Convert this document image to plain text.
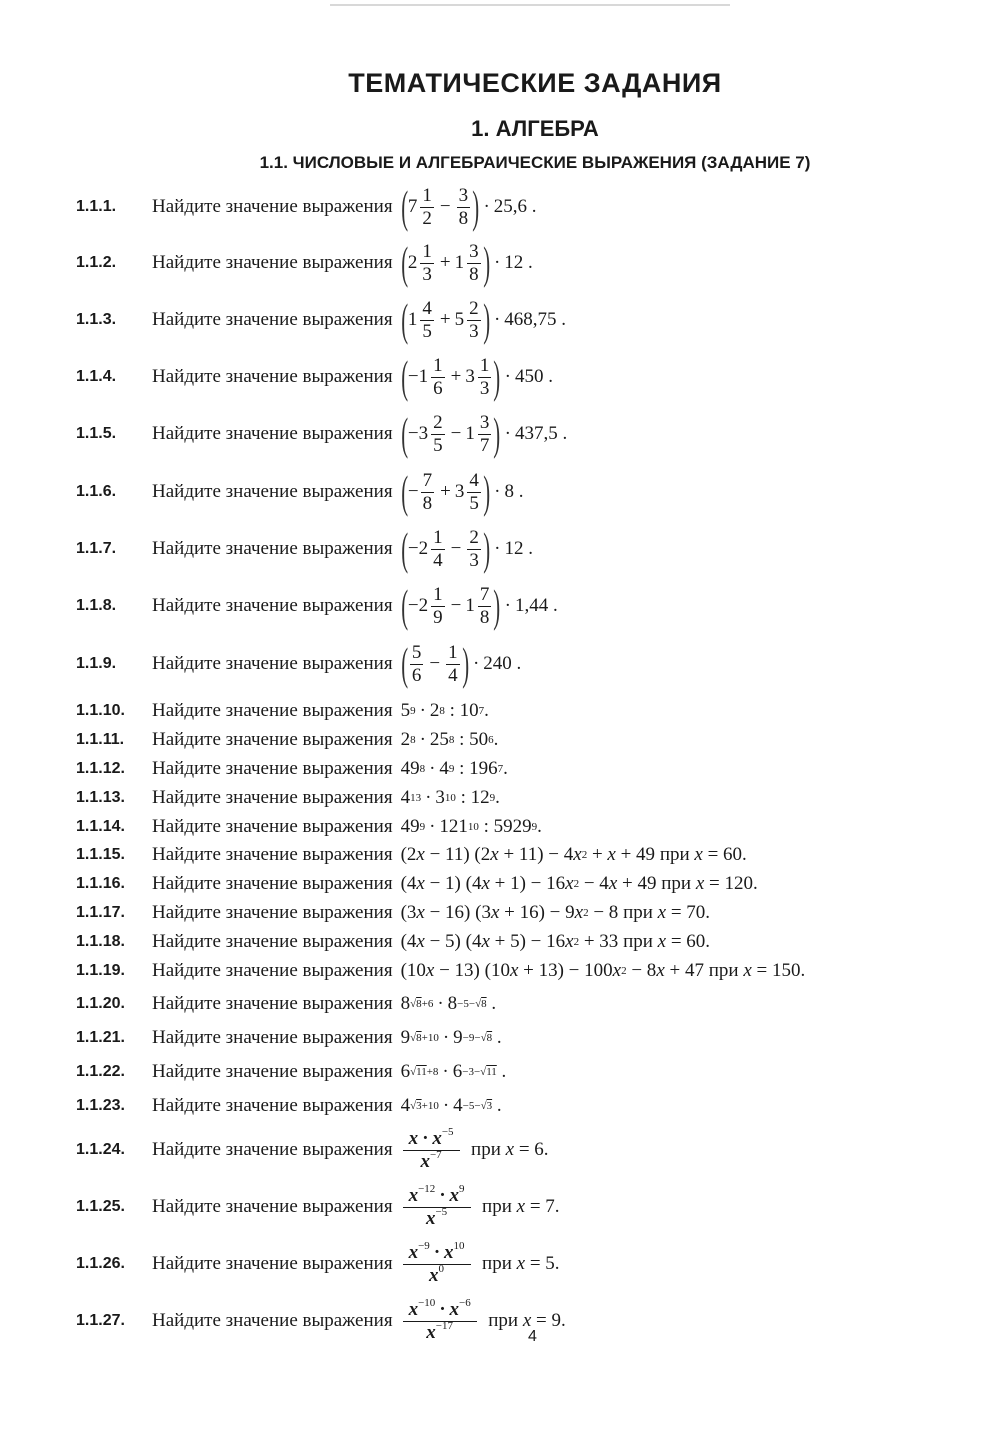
ТЕМАТИЧЕСКИЕ ЗАДАНИЯ
1. АЛГЕБРА
1.1. ЧИСЛОВЫЕ И АЛГЕБРАИЧЕСКИЕ ВЫРАЖЕНИЯ (ЗАДАНИЕ 7)
1.1.1. Найдите значение выражения ( $7 \frac{1}{2} - \frac{3}{8}$ ) · 25,6 .
1.1.2. Найдите значение выражения ( $2 \frac{1}{3} + 1 \frac{3}{8}$ ) · 12 .
1.1.3. Найдите значение выражения ( $1 \frac{4}{5} + 5 \frac{2}{3}$ ) · 468,75 .
1.1.4. Найдите значение выражения ( $-1 \frac{1}{6} + 3 \frac{1}{3}$ ) · 450 .
1.1.5. Найдите значение выражения ( $-3 \frac{2}{5} - 1 \frac{3}{7}$ ) · 437,5 .
1.1.6. Найдите значение выражения ( − $\frac{7}{8} + 3 \frac{4}{5}$ ) · 8 .
1.1.7. Найдите значение выражения ( $-2 \frac{1}{4} - \frac{2}{3}$ ) · 12 .
1.1.8. Найдите значение выражения ( $-2 \frac{1}{9} - 1 \frac{7}{8}$ ) · 1,44 .
1.1.9. Найдите значение выражения ( $\frac{5}{6} - \frac{1}{4}$ ) · 240 .
1.1.10. Найдите значение выражения 5 9 · 2 8 : 10 7 .
1.1.11. Найдите значение выражения 2 8 · 25 8 : 50 6 .
1.1.12. Найдите значение выражения 49 8 · 4 9 : 196 7 .
1.1.13. Найдите значение выражения 4 13 · 3 10 : 12 9 .
1.1.14. Найдите значение выражения 49 9 · 121 10 : 5929 9 .
1.1.15. Найдите значение выражения (2 x − 11) (2 x + 11) − 4 x 2 + x + 49 при
x = 60.
1.1.16. Найдите значение выражения (4 x − 1) (4 x + 1) − 16 x 2 − 4 x + 49 при
x = 120.
1.1.17. Найдите значение выражения (3 x − 16) (3 x + 16) − 9 x 2 − 8 при
x = 70.
1.1.18. Найдите значение выражения (4 x − 5) (4 x + 5) − 16 x 2 + 33 при
x = 60.
1.1.19. Найдите значение выражения (10 x − 13) (10 x + 13) − 100 x 2 − 8 x + 47 при
x = 150.
1.1.20. Найдите значение выражения 8 √8+6 · 8 −5−√8 .
1.1.21. Найдите значение выражения 9 √8+10 · 9 −9−√8 .
1.1.22. Найдите значение выражения 6 √11+8 · 6 −3−√11 .
1.1.23. Найдите значение выражения 4 √3+10 · 4 −5−√3 .
1.1.24. Найдите значение выражения $\frac{x \cdot x^{-5}}{x^{-7}}$
при
x = 6.
1.1.25. Найдите значение выражения $\frac{x^{-12} \cdot x^9}{x^{-5}}$
при
x = 7.
1.1.26. Найдите значение выражения $\frac{x^{-9} \cdot x^{10}}{x^0}$
при
x = 5.
1.1.27. Найдите значение выражения $\frac{x^{-10} \cdot x^{-6}}{x^{-17}}$
при
x = 9.
4
